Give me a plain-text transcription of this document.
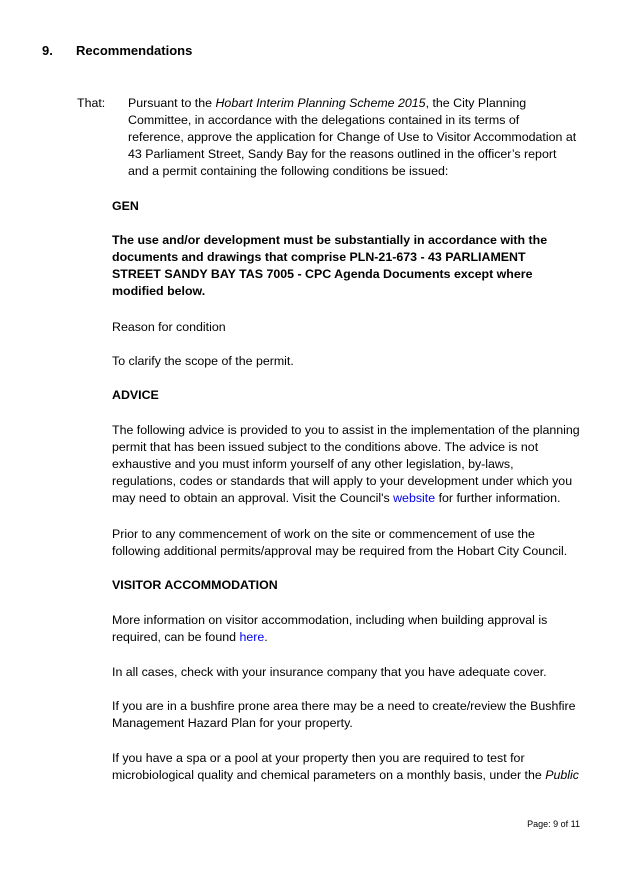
9. Recommendations
That: Pursuant to the Hobart Interim Planning Scheme 2015, the City Planning Committee, in accordance with the delegations contained in its terms of reference, approve the application for Change of Use to Visitor Accommodation at 43 Parliament Street, Sandy Bay for the reasons outlined in the officer’s report and a permit containing the following conditions be issued:

GEN

The use and/or development must be substantially in accordance with the documents and drawings that comprise PLN-21-673 - 43 PARLIAMENT STREET SANDY BAY TAS 7005 - CPC Agenda Documents except where modified below.

Reason for condition
To clarify the scope of the permit.
ADVICE

The following advice is provided to you to assist in the implementation of the planning permit that has been issued subject to the conditions above. The advice is not exhaustive and you must inform yourself of any other legislation, by-laws, regulations, codes or standards that will apply to your development under which you may need to obtain an approval. Visit the Council's website for further information.

Prior to any commencement of work on the site or commencement of use the following additional permits/approval may be required from the Hobart City Council.

VISITOR ACCOMMODATION

More information on visitor accommodation, including when building approval is required, can be found here.

In all cases, check with your insurance company that you have adequate cover.

If you are in a bushfire prone area there may be a need to create/review the Bushfire Management Hazard Plan for your property.

If you have a spa or a pool at your property then you are required to test for microbiological quality and chemical parameters on a monthly basis, under the Public

Page: 9 of 11
